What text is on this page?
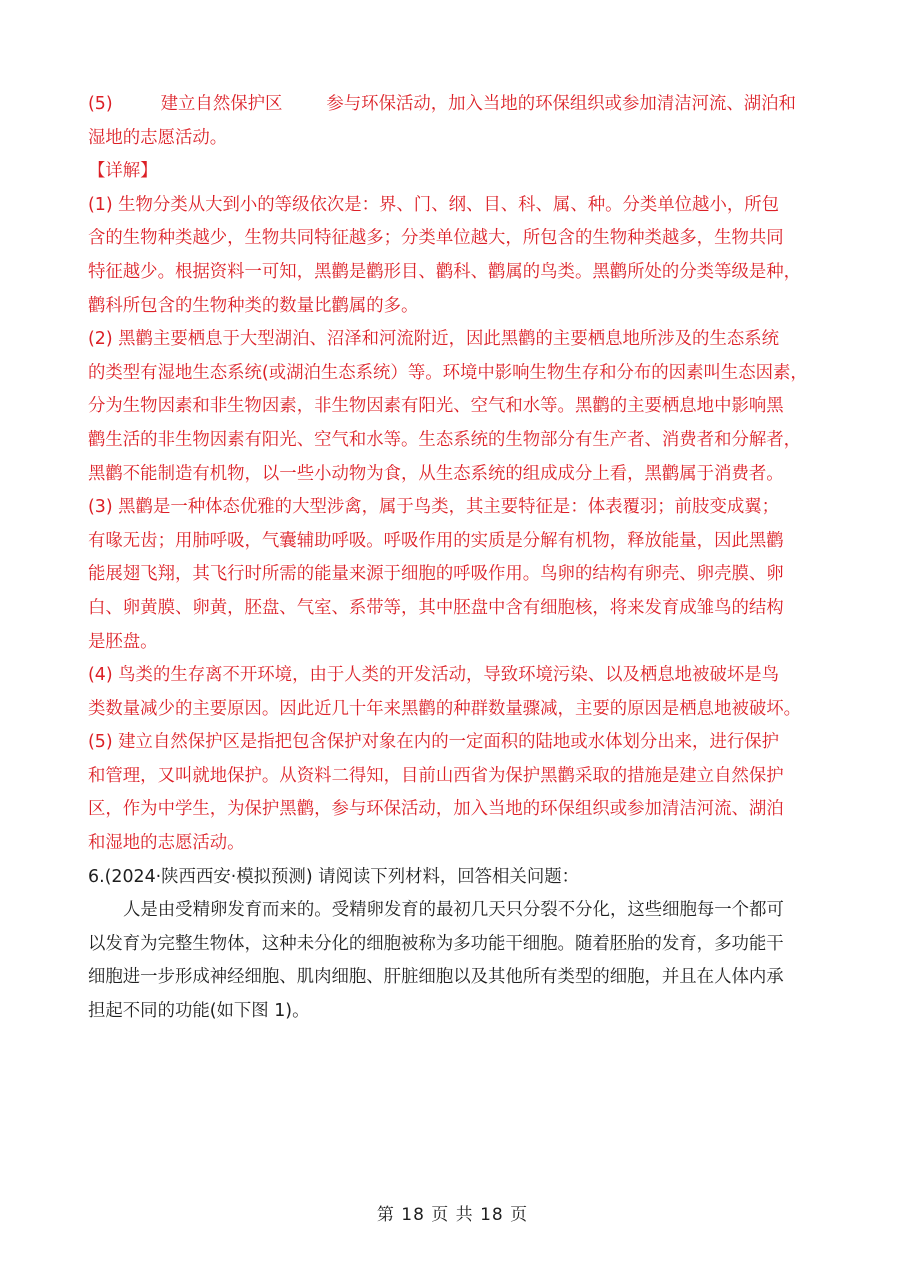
(5)	建立自然保护区	参与环保活动，加入当地的环保组织或参加清洁河流、湖泊和
湿地的志愿活动。
【详解】
(1) 生物分类从大到小的等级依次是：界、门、纲、目、科、属、种。分类单位越小，所包
含的生物种类越少，生物共同特征越多；分类单位越大，所包含的生物种类越多，生物共同
特征越少。根据资料一可知，黑鹳是鹳形目、鹳科、鹳属的鸟类。黑鹳所处的分类等级是种，
鹳科所包含的生物种类的数量比鹳属的多。
(2) 黑鹳主要栖息于大型湖泊、沼泽和河流附近，因此黑鹳的主要栖息地所涉及的生态系统
的类型有湿地生态系统(或湖泊生态系统）等。环境中影响生物生存和分布的因素叫生态因素，
分为生物因素和非生物因素，非生物因素有阳光、空气和水等。黑鹳的主要栖息地中影响黑
鹳生活的非生物因素有阳光、空气和水等。生态系统的生物部分有生产者、消费者和分解者，
黑鹳不能制造有机物，以一些小动物为食，从生态系统的组成成分上看，黑鹳属于消费者。
(3) 黑鹳是一种体态优雅的大型涉禽，属于鸟类，其主要特征是：体表覆羽；前肢变成翼；
有喙无齿；用肺呼吸，气囊辅助呼吸。呼吸作用的实质是分解有机物，释放能量，因此黑鹳
能展翅飞翔，其飞行时所需的能量来源于细胞的呼吸作用。鸟卵的结构有卵壳、卵壳膜、卵
白、卵黄膜、卵黄，胚盘、气室、系带等，其中胚盘中含有细胞核，将来发育成雏鸟的结构
是胚盘。
(4) 鸟类的生存离不开环境，由于人类的开发活动，导致环境污染、以及栖息地被破坏是鸟
类数量减少的主要原因。因此近几十年来黑鹳的种群数量骤减，主要的原因是栖息地被破坏。
(5) 建立自然保护区是指把包含保护对象在内的一定面积的陆地或水体划分出来，进行保护
和管理，又叫就地保护。从资料二得知，目前山西省为保护黑鹳采取的措施是建立自然保护
区，作为中学生，为保护黑鹳，参与环保活动，加入当地的环保组织或参加清洁河流、湖泊
和湿地的志愿活动。
6.(2024·陕西西安·模拟预测) 请阅读下列材料，回答相关问题：
人是由受精卵发育而来的。受精卵发育的最初几天只分裂不分化，这些细胞每一个都可
以发育为完整生物体，这种未分化的细胞被称为多功能干细胞。随着胚胎的发育，多功能干
细胞进一步形成神经细胞、肌肉细胞、肝脏细胞以及其他所有类型的细胞，并且在人体内承
担起不同的功能(如下图 1)。
第 18 页 共 18 页
